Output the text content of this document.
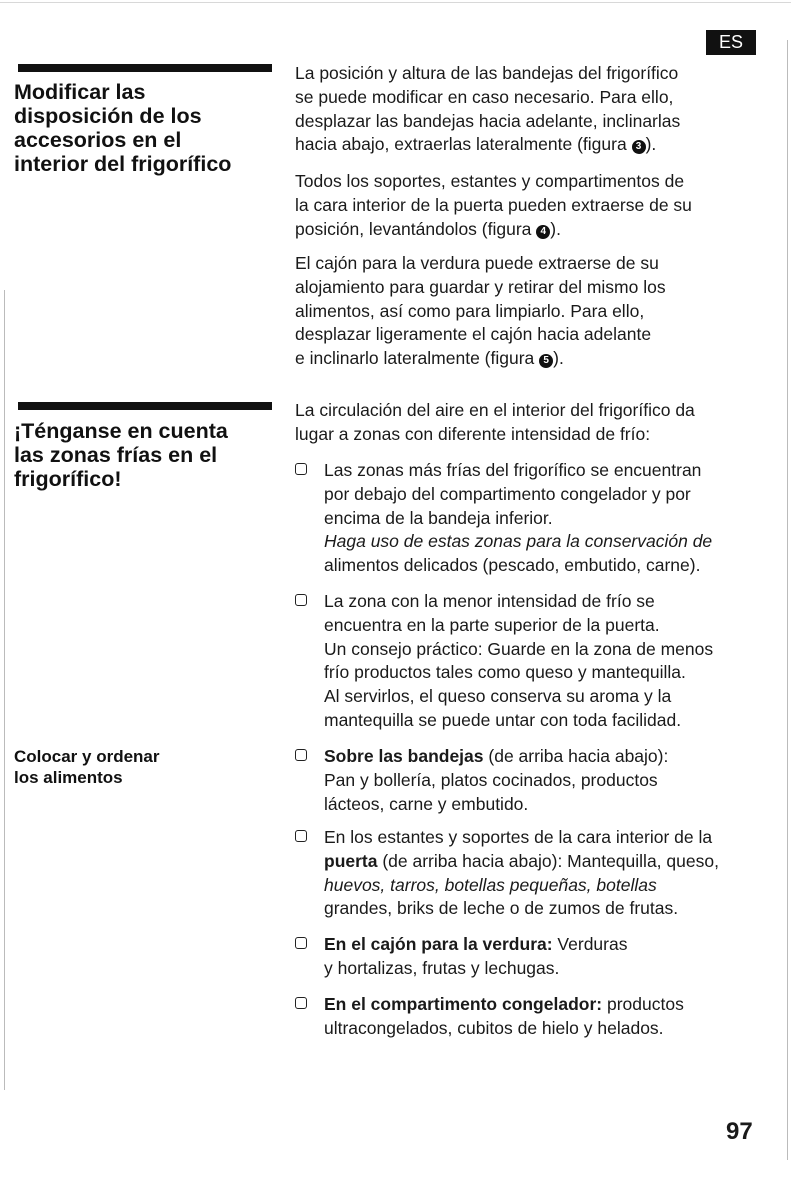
ES
Modificar las
disposición de los
accesorios en el
interior del frigorífico

La posición y altura de las bandejas del frigorífico

se puede modificar en caso necesario. Para ello,

desplazar las bandejas hacia adelante, inclinarlas

hacia abajo, extraerlas lateralmente (figura 3 ).

Todos los soportes, estantes y compartimentos de

la cara interior de la puerta pueden extraerse de su

posición, levantándolos (figura 4 ).

El cajón para la verdura puede extraerse de su

alojamiento para guardar y retirar del mismo los

alimentos, así como para limpiarlo. Para ello,

desplazar ligeramente el cajón hacia adelante

e inclinarlo lateralmente (figura 5 ).

¡Ténganse en cuenta
las zonas frías en el
frigorífico!

La circulación del aire en el interior del frigorífico da

lugar a zonas con diferente intensidad de frío:

Las zonas más frías del frigorífico se encuentran
por debajo del compartimento congelador y por
encima de la bandeja inferior.
Haga uso de estas zonas para la conservación de
alimentos delicados (pescado, embutido, carne).
La zona con la menor intensidad de frío se
encuentra en la parte superior de la puerta.
Un consejo práctico: Guarde en la zona de menos
frío productos tales como queso y mantequilla.
Al servirlos, el queso conserva su aroma y la
mantequilla se puede untar con toda facilidad.
Colocar y ordenar
los alimentos
Sobre las bandejas (de arriba hacia abajo):
Pan y bollería, platos cocinados, productos
lácteos, carne y embutido.
En los estantes y soportes de la cara interior de la
puerta (de arriba hacia abajo): Mantequilla, queso,
huevos, tarros, botellas pequeñas, botellas
grandes, briks de leche o de zumos de frutas.
En el cajón para la verdura: Verduras
y hortalizas, frutas y lechugas.
En el compartimento congelador: productos
ultracongelados, cubitos de hielo y helados.
97
